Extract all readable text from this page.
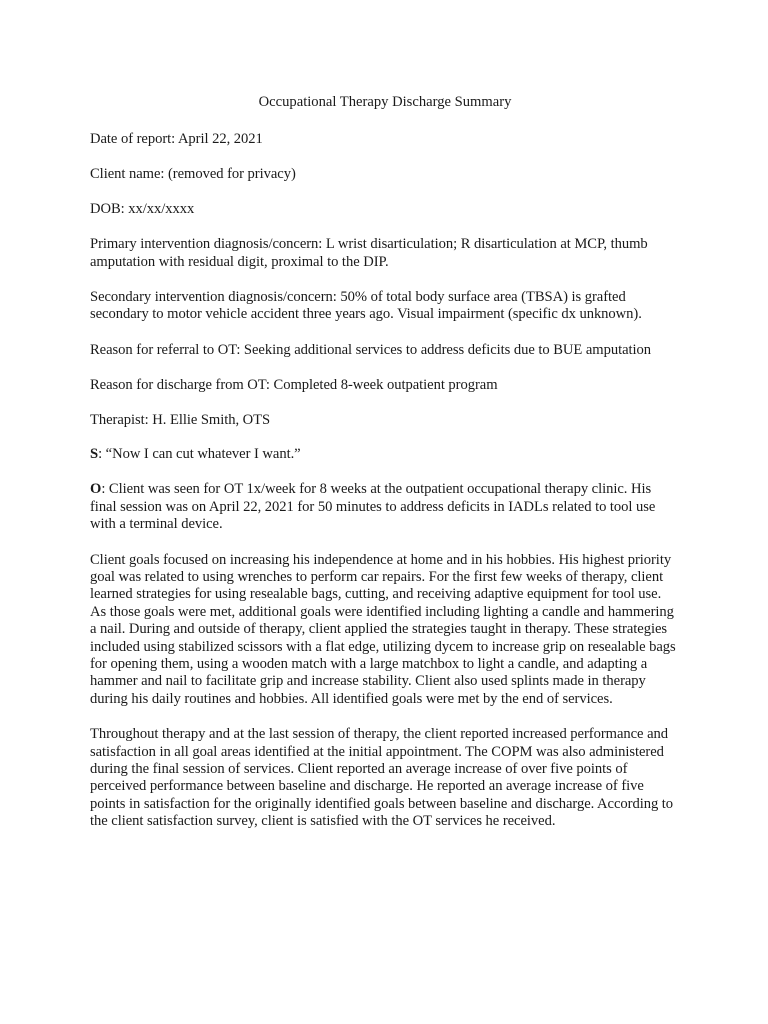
Occupational Therapy Discharge Summary

Date of report: April 22, 2021

Client name: (removed for privacy)

DOB: xx/xx/xxxx

Primary intervention diagnosis/concern: L wrist disarticulation; R disarticulation at MCP, thumb amputation with residual digit, proximal to the DIP.

Secondary intervention diagnosis/concern: 50% of total body surface area (TBSA) is grafted secondary to motor vehicle accident three years ago. Visual impairment (specific dx unknown).

Reason for referral to OT: Seeking additional services to address deficits due to BUE amputation

Reason for discharge from OT: Completed 8-week outpatient program

Therapist: H. Ellie Smith, OTS

S: “Now I can cut whatever I want.”

O: Client was seen for OT 1x/week for 8 weeks at the outpatient occupational therapy clinic. His final session was on April 22, 2021 for 50 minutes to address deficits in IADLs related to tool use with a terminal device.

Client goals focused on increasing his independence at home and in his hobbies. His highest priority goal was related to using wrenches to perform car repairs. For the first few weeks of therapy, client learned strategies for using resealable bags, cutting, and receiving adaptive equipment for tool use. As those goals were met, additional goals were identified including lighting a candle and hammering a nail. During and outside of therapy, client applied the strategies taught in therapy. These strategies included using stabilized scissors with a flat edge, utilizing dycem to increase grip on resealable bags for opening them, using a wooden match with a large matchbox to light a candle, and adapting a hammer and nail to facilitate grip and increase stability. Client also used splints made in therapy during his daily routines and hobbies. All identified goals were met by the end of services.

Throughout therapy and at the last session of therapy, the client reported increased performance and satisfaction in all goal areas identified at the initial appointment. The COPM was also administered during the final session of services. Client reported an average increase of over five points of perceived performance between baseline and discharge. He reported an average increase of five points in satisfaction for the originally identified goals between baseline and discharge. According to the client satisfaction survey, client is satisfied with the OT services he received.
